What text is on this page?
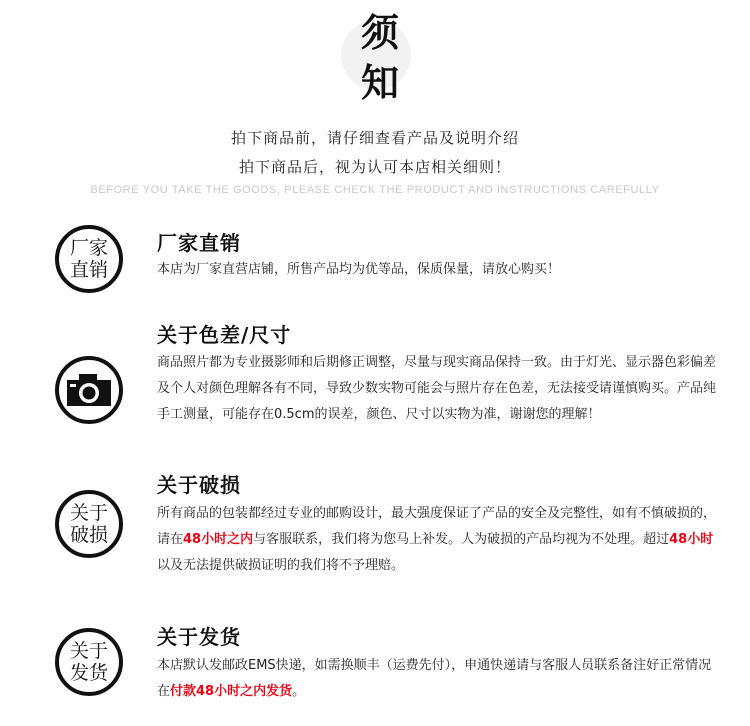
须
知
拍下商品前，请仔细查看产品及说明介绍
拍下商品后，视为认可本店相关细则！
BEFORE YOU TAKE THE GOODS, PLEASE CHECK THE PRODUCT AND INSTRUCTIONS CAREFULLY
厂家
直销
厂家直销
本店为厂家直营店铺，所售产品均为优等品，保质保量，请放心购买！
关于色差/尺寸
商品照片都为专业摄影师和后期修正调整，尽量与现实商品保持一致。由于灯光、显示器色彩偏差及个人对颜色理解各有不同，导致少数实物可能会与照片存在色差，无法接受请谨慎购买。产品纯手工测量，可能存在0.5cm的误差，颜色、尺寸以实物为准，谢谢您的理解！
关于
破损
关于破损
所有商品的包装都经过专业的邮购设计，最大强度保证了产品的安全及完整性，如有不慎破损的，请在48小时之内与客服联系，我们将为您马上补发。人为破损的产品均视为不处理。超过48小时以及无法提供破损证明的我们将不予理赔。
关于
发货
关于发货
本店默认发邮政EMS快递，如需换顺丰（运费先付），申通快递请与客服人员联系备注好正常情况在付款48小时之内发货。
